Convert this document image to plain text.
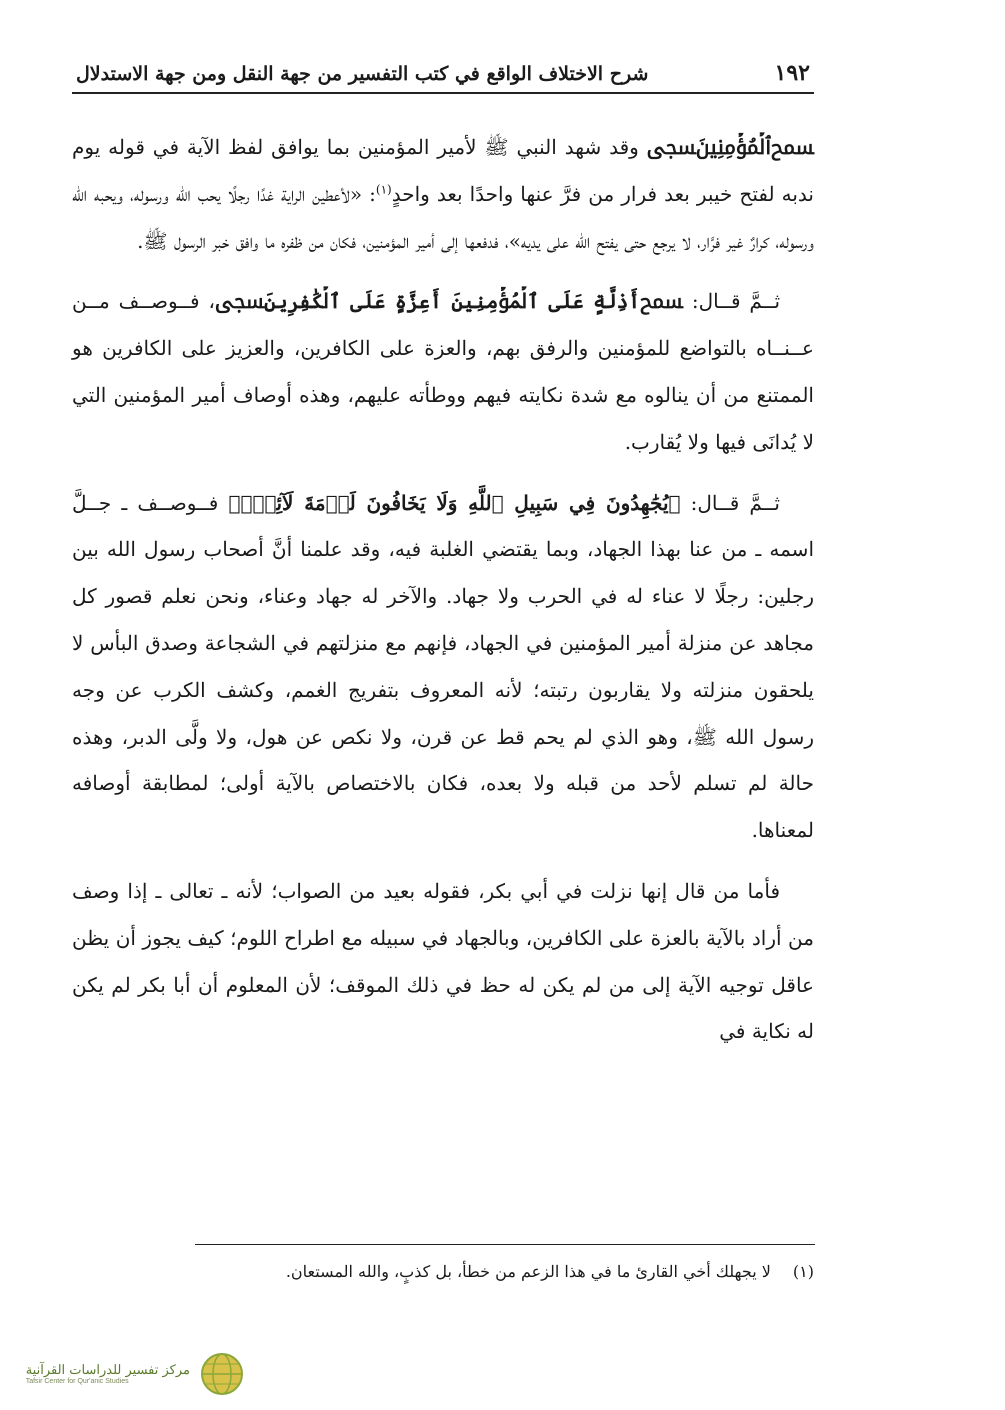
١٩٢
شرح الاختلاف الواقع في كتب التفسير من جهة النقل ومن جهة الاستدلال

ﵟٱلۡمُؤۡمِنِينَﵞ وقد شهد النبي ﷺ لأمير المؤمنين بما يوافق لفظ الآية في قوله يوم ندبه لفتح خيبر بعد فرار من فرَّ عنها واحدًا بعد واحدٍ$^{(١)}$: «لأعطين الراية غدًا رجلًا يحب الله ورسوله، ويحبه الله ورسوله، كرارٌ غير فرَّار، لا يرجع حتى يفتح الله على يديه»، فدفعها إلى أمير المؤمنين، فكان من ظفره ما وافق خبر الرسول ﷺ.

ثــمَّ قــال: ﵟأَذِلَّةٍ عَلَى ٱلۡمُؤۡمِنِينَ أَعِزَّةٍ عَلَى ٱلۡكَٰفِرِينَﵞ، فــوصــف مــن عــنــاه بالتواضع للمؤمنين والرفق بهم، والعزة على الكافرين، والعزيز على الكافرين هو الممتنع من أن ينالوه مع شدة نكايته فيهم ووطأته عليهم، وهذه أوصاف أمير المؤمنين التي لا يُدانَى فيها ولا يُقارب.

ثــمَّ قــال: ﵟيُجَٰهِدُونَ فِي سَبِيلِ ٱللَّهِ وَلَا يَخَافُونَ لَوۡمَةَ لَآئِمٖۚﵞ فــوصــف ـ جــلَّ اسمه ـ من عنا بهذا الجهاد، وبما يقتضي الغلبة فيه، وقد علمنا أنَّ أصحاب رسول الله بين رجلين: رجلًا لا عناء له في الحرب ولا جهاد. والآخر له جهاد وعناء، ونحن نعلم قصور كل مجاهد عن منزلة أمير المؤمنين في الجهاد، فإنهم مع منزلتهم في الشجاعة وصدق البأس لا يلحقون منزلته ولا يقاربون رتبته؛ لأنه المعروف بتفريج الغمم، وكشف الكرب عن وجه رسول الله ﷺ، وهو الذي لم يحم قط عن قرن، ولا نكص عن هول، ولا ولَّى الدبر، وهذه حالة لم تسلم لأحد من قبله ولا بعده، فكان بالاختصاص بالآية أولى؛ لمطابقة أوصافه لمعناها.

فأما من قال إنها نزلت في أبي بكر، فقوله بعيد من الصواب؛ لأنه ـ تعالى ـ إذا وصف من أراد بالآية بالعزة على الكافرين، وبالجهاد في سبيله مع اطراح اللوم؛ كيف يجوز أن يظن عاقل توجيه الآية إلى من لم يكن له حظ في ذلك الموقف؛ لأن المعلوم أن أبا بكر لم يكن له نكاية في

(١)لا يجهلك أخي القارئ ما في هذا الزعم من خطأ، بل كذبٍ، والله المستعان.
مركز تفسير للدراسات القرآنية
Tafsir Center for Qur'anic Studies
